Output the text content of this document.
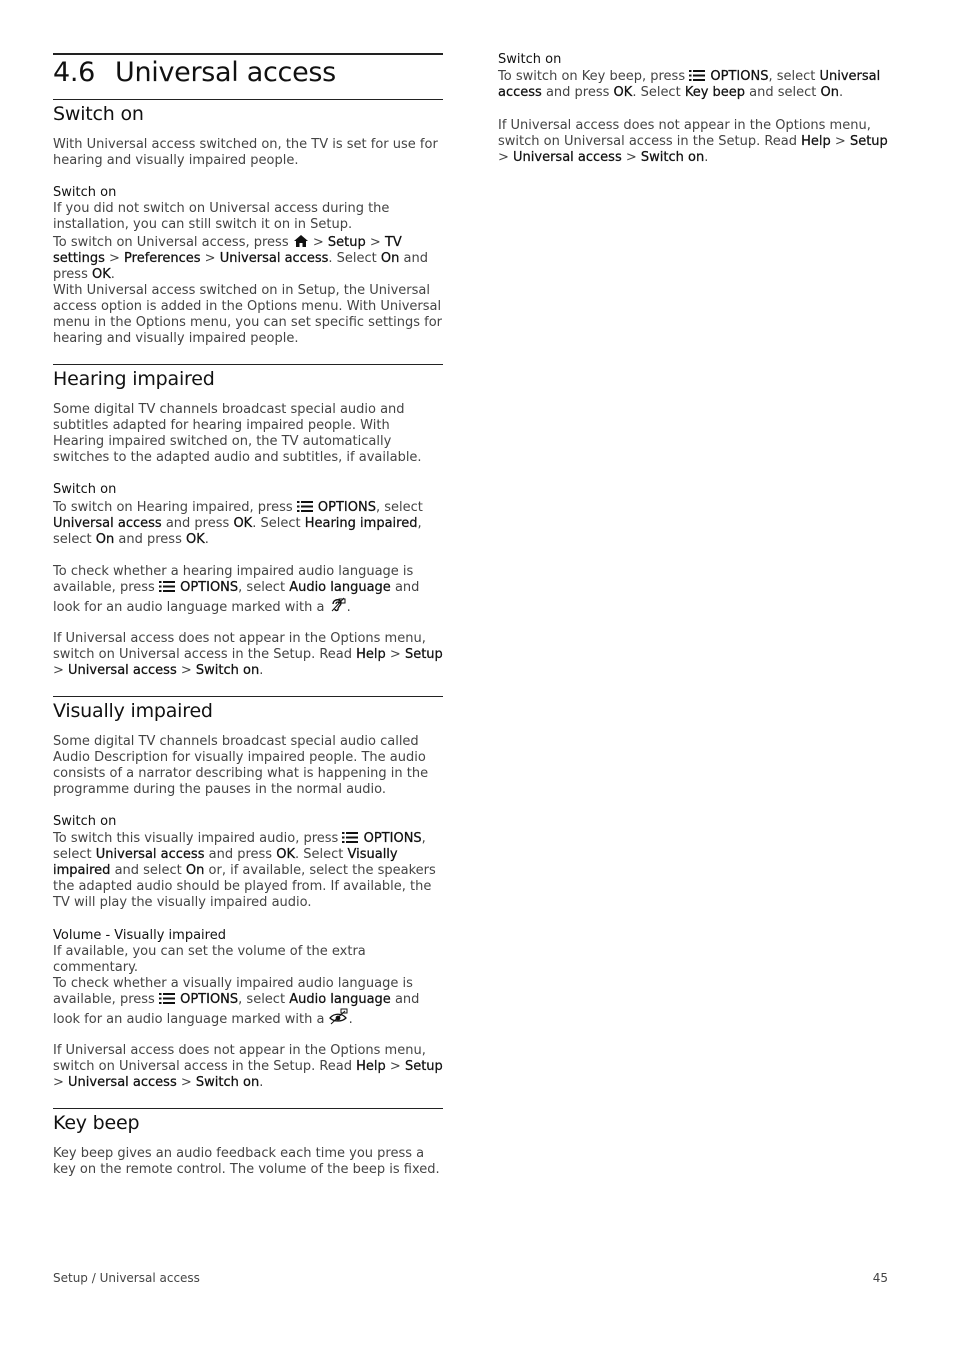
4.6 Universal access
Switch on
With Universal access switched on, the TV is set for use for hearing and visually impaired people.
Switch on
If you did not switch on Universal access during the installation, you can still switch it on in Setup.
To switch on Universal access, press > Setup > TV settings > Preferences > Universal access. Select On and press OK.
With Universal access switched on in Setup, the Universal access option is added in the Options menu. With Universal menu in the Options menu, you can set specific settings for hearing and visually impaired people.
Hearing impaired
Some digital TV channels broadcast special audio and subtitles adapted for hearing impaired people. With Hearing impaired switched on, the TV automatically switches to the adapted audio and subtitles, if available.
Switch on
To switch on Hearing impaired, press OPTIONS, select Universal access and press OK. Select Hearing impaired, select On and press OK.
To check whether a hearing impaired audio language is available, press OPTIONS, select Audio language and look for an audio language marked with a .
If Universal access does not appear in the Options menu, switch on Universal access in the Setup. Read Help > Setup > Universal access > Switch on.
Visually impaired
Some digital TV channels broadcast special audio called Audio Description for visually impaired people. The audio consists of a narrator describing what is happening in the programme during the pauses in the normal audio.
Switch on
To switch this visually impaired audio, press OPTIONS, select Universal access and press OK. Select Visually impaired and select On or, if available, select the speakers the adapted audio should be played from. If available, the TV will play the visually impaired audio.
Volume - Visually impaired
If available, you can set the volume of the extra commentary.
To check whether a visually impaired audio language is available, press OPTIONS, select Audio language and look for an audio language marked with a .
If Universal access does not appear in the Options menu, switch on Universal access in the Setup. Read Help > Setup > Universal access > Switch on.
Key beep
Key beep gives an audio feedback each time you press a key on the remote control. The volume of the beep is fixed.
Switch on
To switch on Key beep, press OPTIONS, select Universal access and press OK. Select Key beep and select On.
If Universal access does not appear in the Options menu, switch on Universal access in the Setup. Read Help > Setup > Universal access > Switch on.
Setup / Universal access	45
